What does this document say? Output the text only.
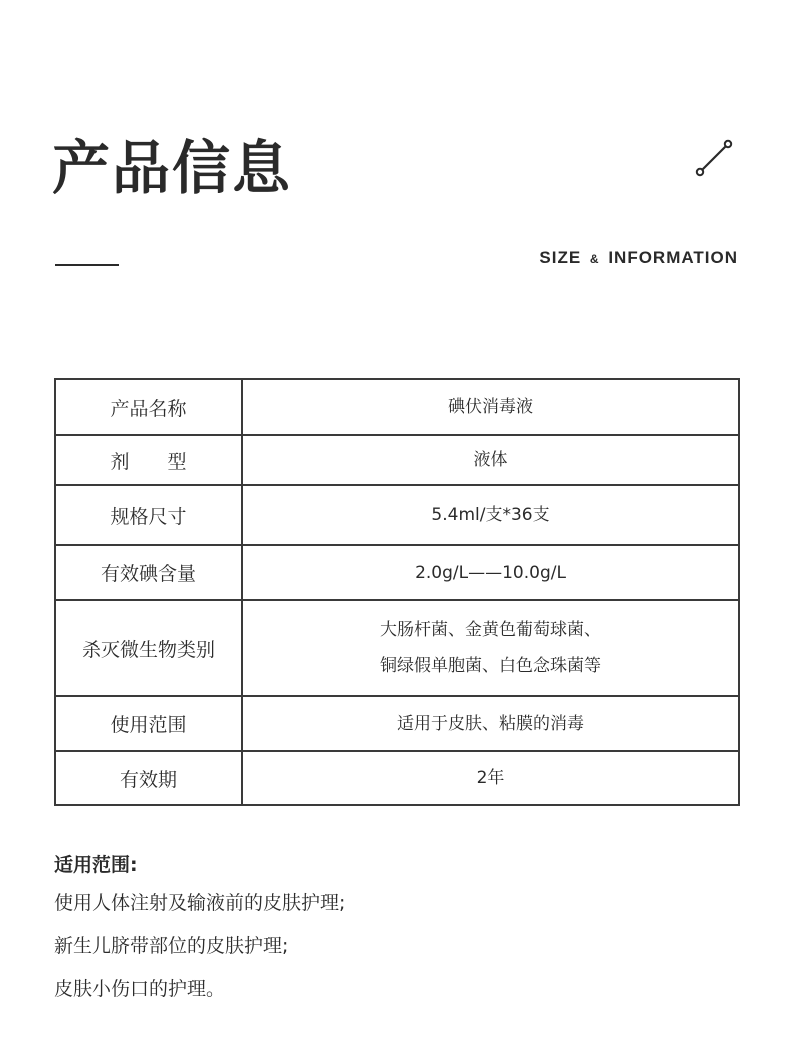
产品信息
SIZE & INFORMATION
产品名称	碘伏消毒液
剂　　型	液体
规格尺寸	5.4ml/支*36支
有效碘含量	2.0g/L——10.0g/L
杀灭微生物类别	大肠杆菌、金黄色葡萄球菌、
铜绿假单胞菌、白色念珠菌等

使用范围	适用于皮肤、粘膜的消毒
有效期	2年
适用范围:
使用人体注射及输液前的皮肤护理;
新生儿脐带部位的皮肤护理;
皮肤小伤口的护理。
